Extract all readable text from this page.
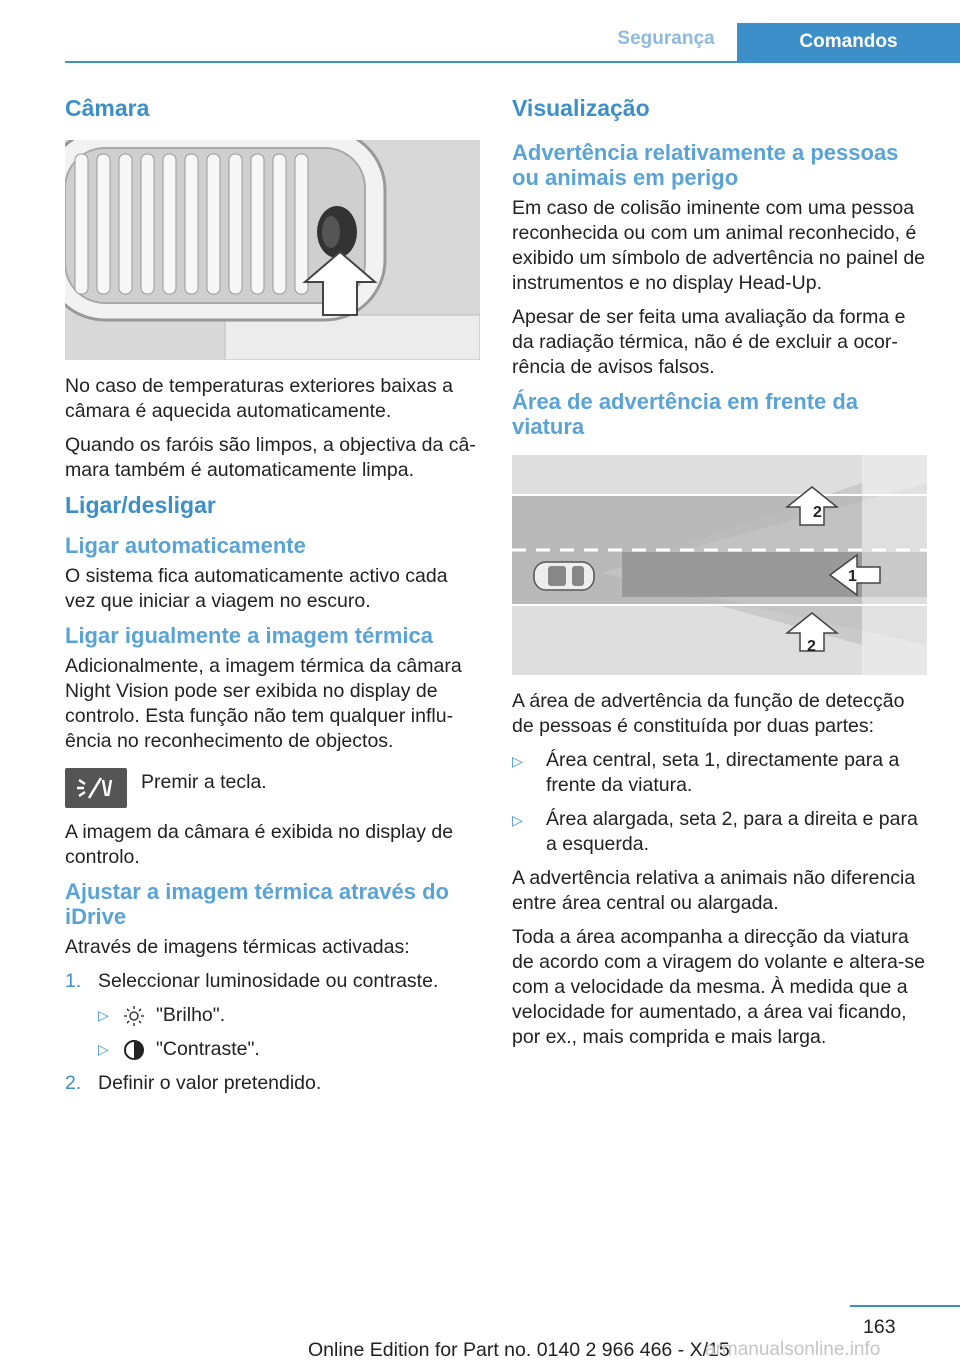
Segurança	Comandos
Câmara

No caso de temperaturas exteriores baixas a câmara é aquecida automaticamente.

Quando os faróis são limpos, a objectiva da câmara também é automaticamente limpa.

Ligar/desligar
Ligar automaticamente

O sistema fica automaticamente activo cada vez que iniciar a viagem no escuro.

Ligar igualmente a imagem térmica

Adicionalmente, a imagem térmica da câmara Night Vision pode ser exibida no display de controlo. Esta função não tem qualquer influência no reconhecimento de objectos.

Premir a tecla.

A imagem da câmara é exibida no display de controlo.

Ajustar a imagem térmica através do iDrive

Através de imagens térmicas activadas:

1. Seleccionar luminosidade ou contraste.
▷	"Brilho".
▷	"Contraste".
2. Definir o valor pretendido.
Visualização
Advertência relativamente a pessoas ou animais em perigo

Em caso de colisão iminente com uma pessoa reconhecida ou com um animal reconhecido, é exibido um símbolo de advertência no painel de instrumentos e no display Head-Up.

Apesar de ser feita uma avaliação da forma e da radiação térmica, não é de excluir a ocorrência de avisos falsos.

Área de advertência em frente da viatura
2
1
2

A área de advertência da função de detecção de pessoas é constituída por duas partes:

▷	Área central, seta 1, directamente para a frente da viatura.
▷	Área alargada, seta 2, para a direita e para a esquerda.

A advertência relativa a animais não diferencia entre área central ou alargada.

Toda a área acompanha a direcção da viatura de acordo com a viragem do volante e altera-se com a velocidade da mesma. À medida que a velocidade for aumentado, a área vai ficando, por ex., mais comprida e mais larga.

163
Online Edition for Part no. 0140 2 966 466 - X/15
armanualsonline.info
